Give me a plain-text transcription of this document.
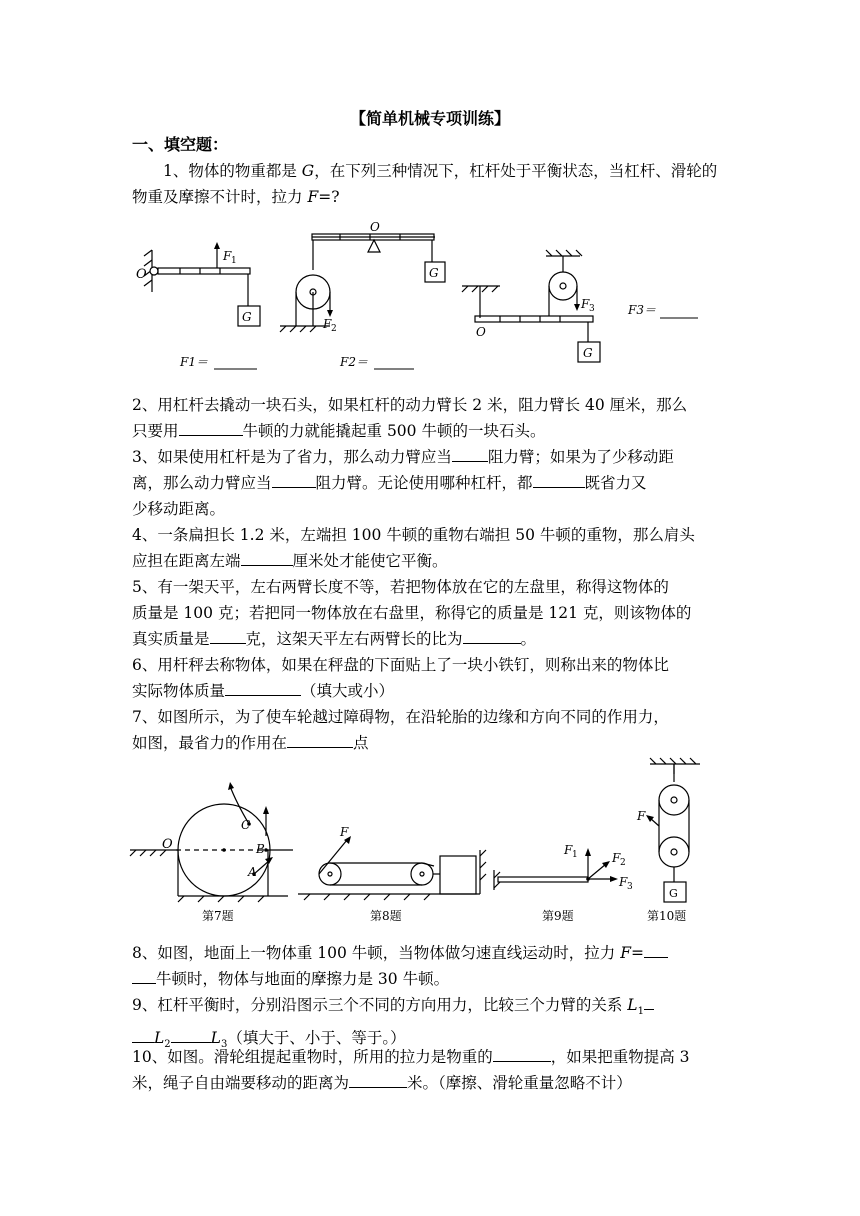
【简单机械专项训练】
一、填空题：
1、物体的物重都是 G，在下列三种情况下，杠杆处于平衡状态，当杠杆、滑轮的物重及摩擦不计时，拉力 F=?
O
F 1
G
O
G
F 2	O
F 3
G
F3＝
F1＝	F2＝
2、用杠杆去撬动一块石头，如果杠杆的动力臂长 2 米，阻力臂长 40 厘米，那么
只要用	牛顿的力就能撬起重 500 牛顿的一块石头。
3、如果使用杠杆是为了省力，那么动力臂应当 阻力臂；如果为了少移动距
离，那么动力臂应当	阻力臂。无论使用哪种杠杆，都	既省力又
少移动距离。
4、一条扁担长 1.2 米，左端担 100 牛顿的重物右端担 50 牛顿的重物，那么肩头
应担在距离左端	厘米处才能使它平衡。
5、有一架天平，左右两臂长度不等，若把物体放在它的左盘里，称得这物体的
质量是 100 克；若把同一物体放在右盘里，称得它的质量是 121 克，则该物体的
真实质量是 克，这架天平左右两臂长的比为	。
6、用杆秤去称物体，如果在秤盘的下面贴上了一块小铁钉，则称出来的物体比
实际物体质量	（填大或小）
7、如图所示，为了使车轮越过障碍物，在沿轮胎的边缘和方向不同的作用力，
如图，最省力的作用在	点
O
C
B
A
F
F 1	F 2
F 3
F
G
第7题	第8题	第9题	第10题
8、如图，地面上一物体重 100 牛顿，当物体做匀速直线运动时，拉力 F=
牛顿时，物体与地面的摩擦力是 30 牛顿。
9、杠杆平衡时，分别沿图示三个不同的方向用力，比较三个力臂的关系 $L_1$
$L_2$	$L_3$（填大于、小于、等于。）
10、如图。滑轮组提起重物时，所用的拉力是物重的	，如果把重物提高 3
米，绳子自由端要移动的距离为	米。（摩擦、滑轮重量忽略不计）
